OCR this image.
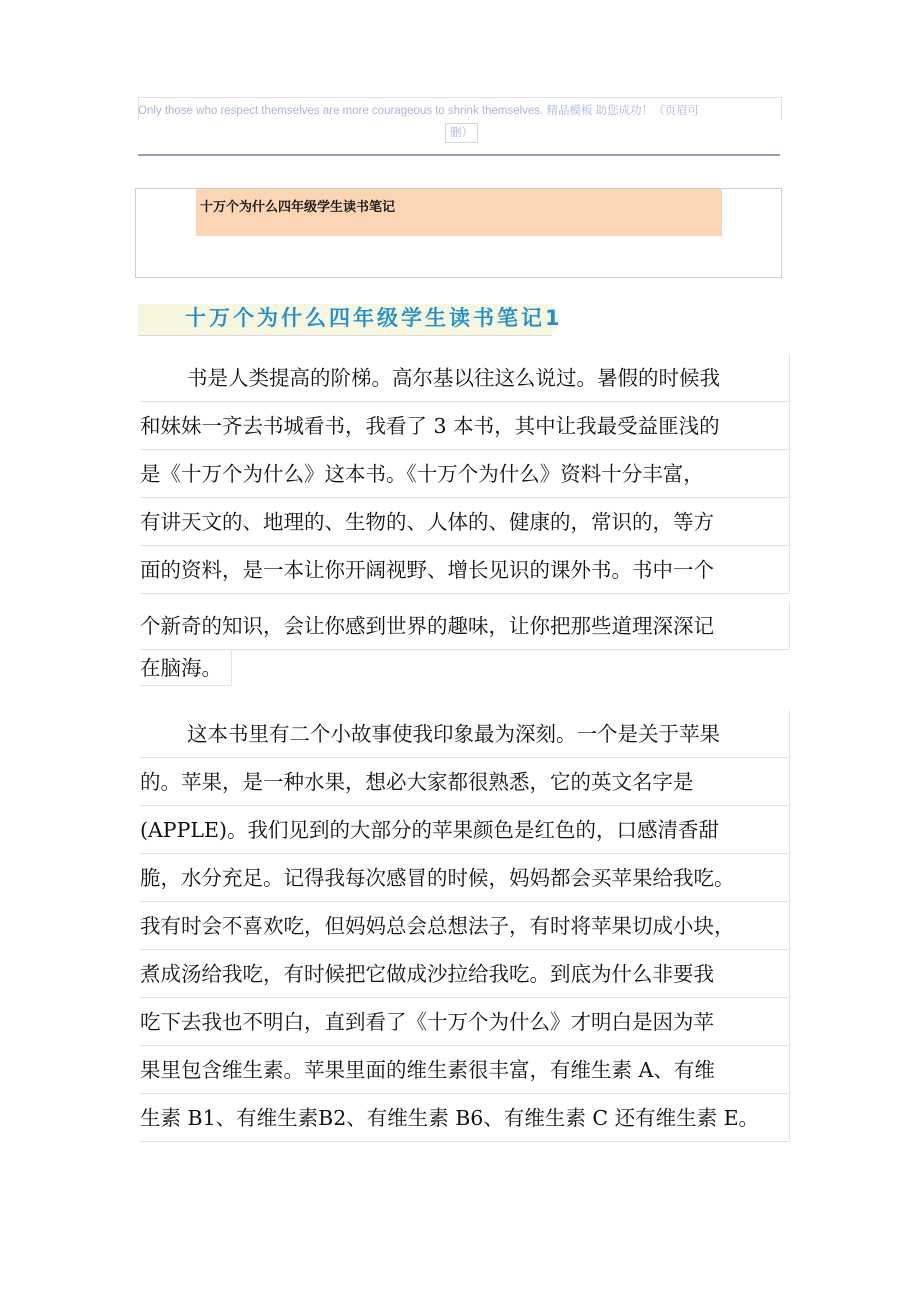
Only those who respect themselves are more courageous to shrink themselves. 精品模板 助您成功！（页眉可
删）
十万个为什么四年级学生读书笔记
十万个为什么四年级学生读书笔记1
书是人类提高的阶梯。高尔基以往这么说过。暑假的时候我
和妹妹一齐去书城看书，我看了 3 本书，其中让我最受益匪浅的
是《十万个为什么》这本书。《十万个为什么》资料十分丰富，
有讲天文的、地理的、生物的、人体的、健康的，常识的，等方
面的资料，是一本让你开阔视野、增长见识的课外书。书中一个
个新奇的知识，会让你感到世界的趣味，让你把那些道理深深记
在脑海。
这本书里有二个小故事使我印象最为深刻。一个是关于苹果
的。苹果，是一种水果，想必大家都很熟悉，它的英文名字是
(APPLE)。我们见到的大部分的苹果颜色是红色的，口感清香甜
脆，水分充足。记得我每次感冒的时候，妈妈都会买苹果给我吃。
我有时会不喜欢吃，但妈妈总会总想法子，有时将苹果切成小块，
煮成汤给我吃，有时候把它做成沙拉给我吃。到底为什么非要我
吃下去我也不明白，直到看了《十万个为什么》才明白是因为苹
果里包含维生素。苹果里面的维生素很丰富，有维生素 A、有维
生素 B1、有维生素B2、有维生素 B6、有维生素 C 还有维生素 E。
